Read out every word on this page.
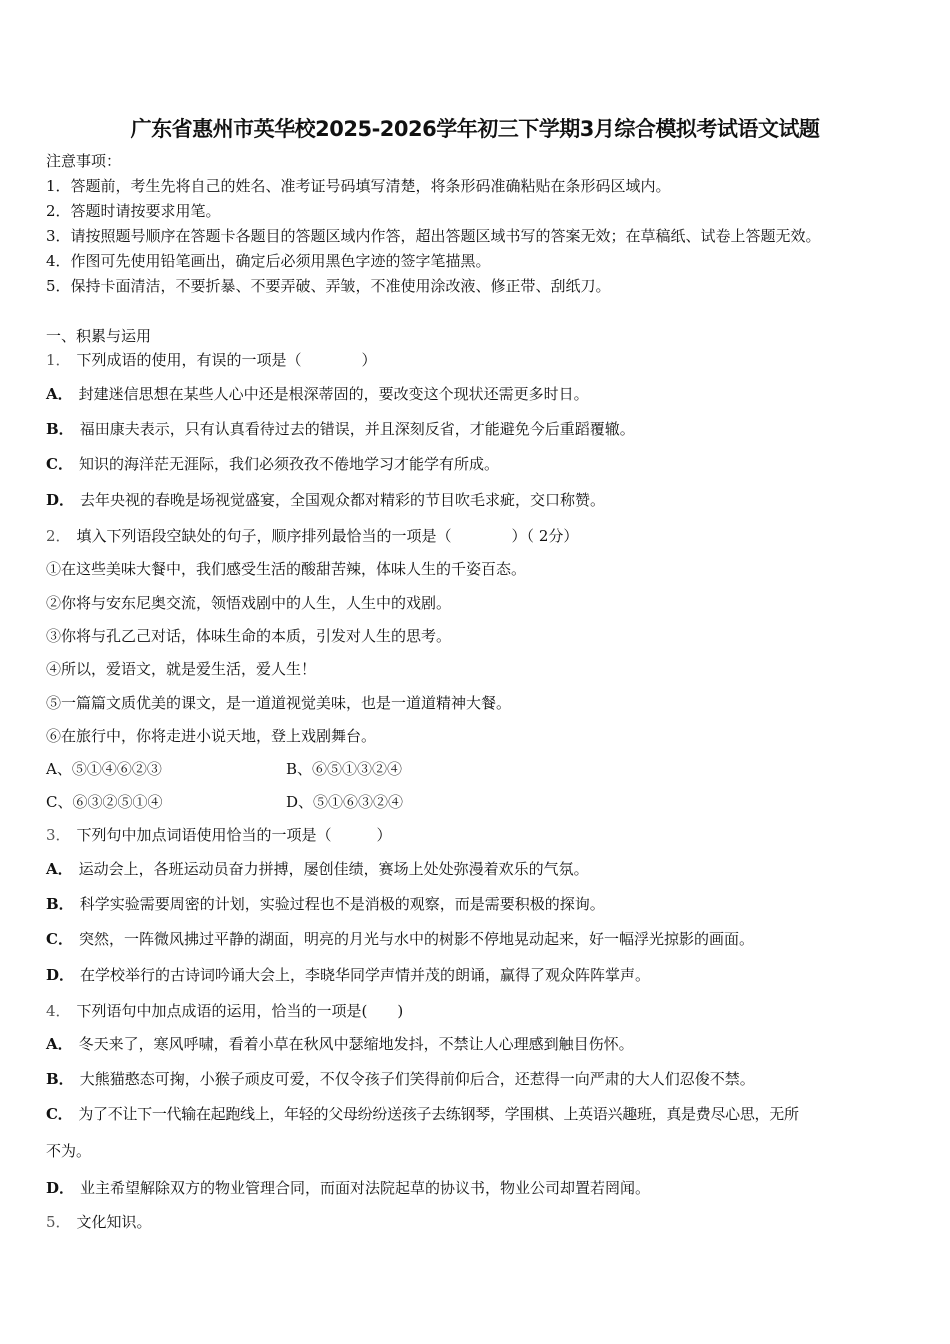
广东省惠州市英华校2025-2026学年初三下学期3月综合模拟考试语文试题
注意事项：
1．答题前，考生先将自己的姓名、准考证号码填写清楚，将条形码准确粘贴在条形码区域内。
2．答题时请按要求用笔。
3．请按照题号顺序在答题卡各题目的答题区域内作答，超出答题区域书写的答案无效；在草稿纸、试卷上答题无效。
4．作图可先使用铅笔画出，确定后必须用黑色字迹的签字笔描黑。
5．保持卡面清洁，不要折暴、不要弄破、弄皱，不准使用涂改液、修正带、刮纸刀。
一、积累与运用
1． 下列成语的使用，有误的一项是（　　　　）
A． 封建迷信思想在某些人心中还是根深蒂固的，要改变这个现状还需更多时日。
B． 福田康夫表示，只有认真看待过去的错误，并且深刻反省，才能避免今后重蹈覆辙。
C． 知识的海洋茫无涯际，我们必须孜孜不倦地学习才能学有所成。
D． 去年央视的春晚是场视觉盛宴，全国观众都对精彩的节目吹毛求疵，交口称赞。
2． 填入下列语段空缺处的句子，顺序排列最恰当的一项是（　　　　）（ 2分）
①在这些美味大餐中，我们感受生活的酸甜苦辣，体味人生的千姿百态。
②你将与安东尼奥交流，领悟戏剧中的人生，人生中的戏剧。
③你将与孔乙己对话，体味生命的本质，引发对人生的思考。
④所以，爱语文，就是爱生活，爱人生！
⑤一篇篇文质优美的课文，是一道道视觉美味，也是一道道精神大餐。
⑥在旅行中，你将走进小说天地，登上戏剧舞台。
A、⑤①④⑥②③	B、⑥⑤①③②④
C、⑥③②⑤①④	D、⑤①⑥③②④
3． 下列句中加点词语使用恰当的一项是（　　　）
A． 运动会上，各班运动员奋力拼搏，屡创佳绩，赛场上处处弥漫着欢乐的气氛。
B． 科学实验需要周密的计划，实验过程也不是消极的观察，而是需要积极的探询。
C． 突然，一阵微风拂过平静的湖面，明亮的月光与水中的树影不停地晃动起来，好一幅浮光掠影的画面。
D． 在学校举行的古诗词吟诵大会上，李晓华同学声情并茂的朗诵，赢得了观众阵阵掌声。
4． 下列语句中加点成语的运用，恰当的一项是(　　)
A． 冬天来了，寒风呼啸，看着小草在秋风中瑟缩地发抖，不禁让人心理感到触目伤怀。
B． 大熊猫憨态可掬，小猴子顽皮可爱，不仅令孩子们笑得前仰后合，还惹得一向严肃的大人们忍俊不禁。
C． 为了不让下一代输在起跑线上，年轻的父母纷纷送孩子去练钢琴，学围棋、上英语兴趣班，真是费尽心思，无所
不为。
D． 业主希望解除双方的物业管理合同，而面对法院起草的协议书，物业公司却置若罔闻。
5． 文化知识。
